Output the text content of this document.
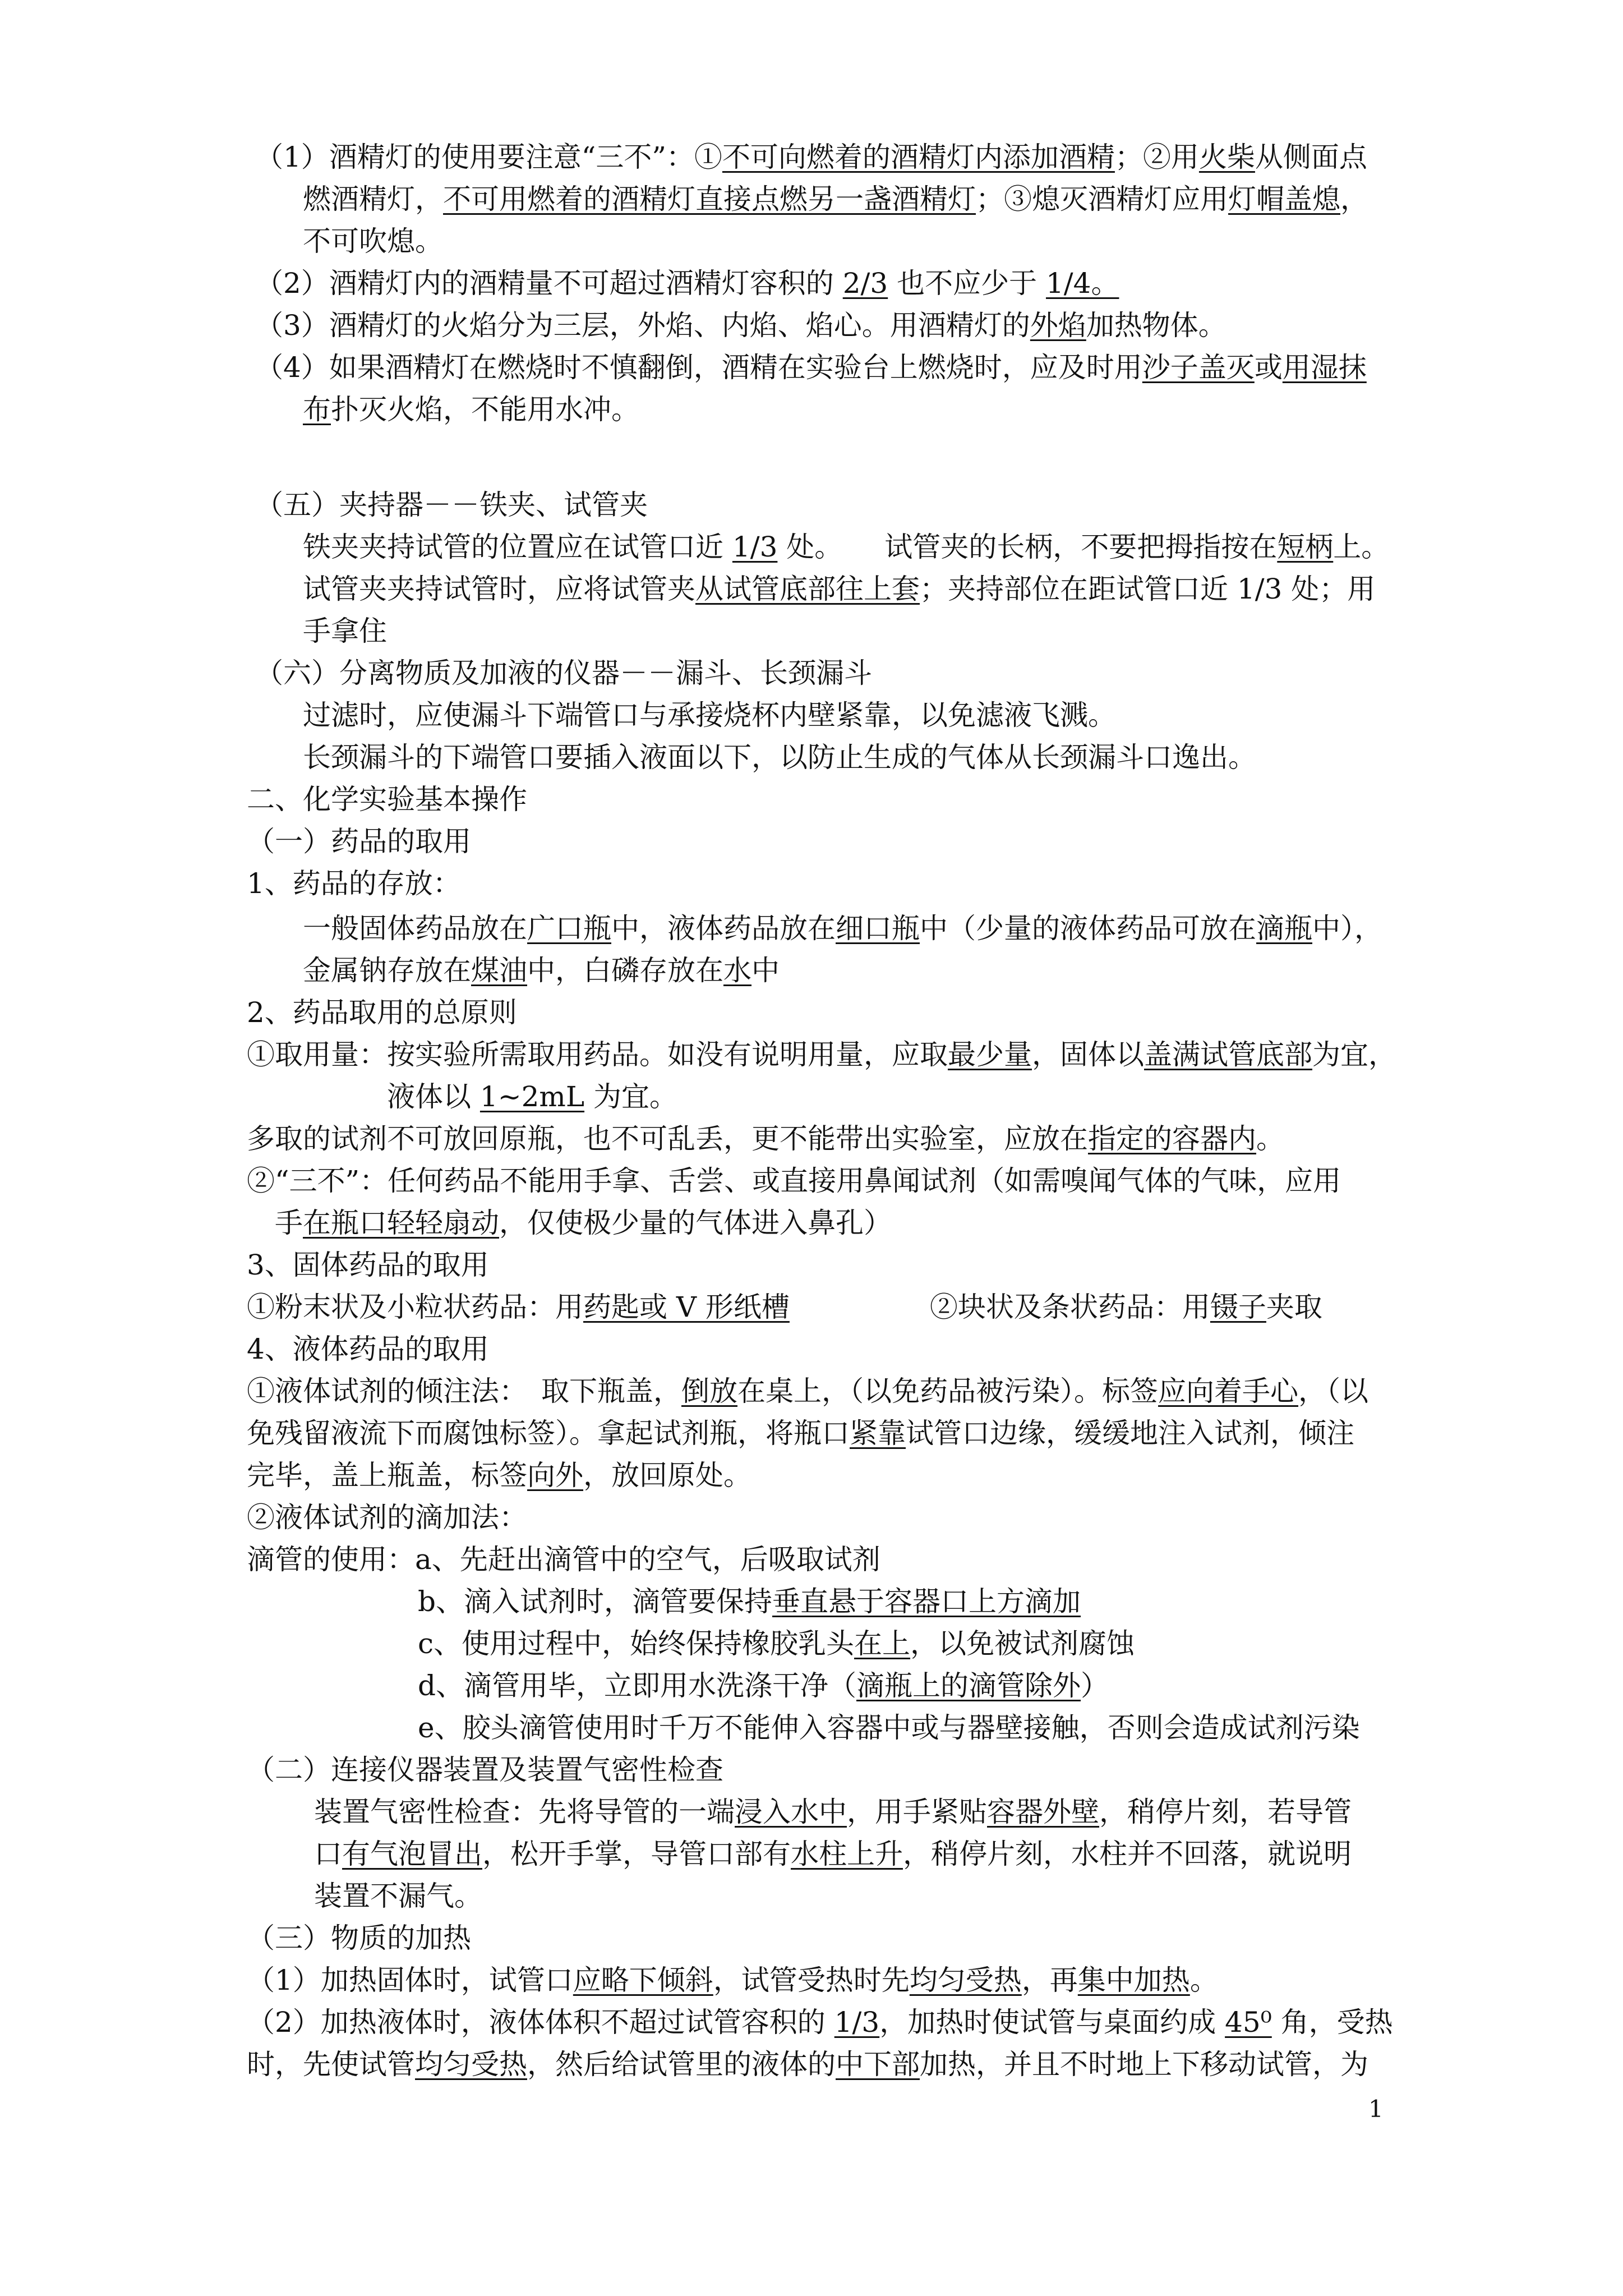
（1）酒精灯的使用要注意“三不”：①不可向燃着的酒精灯内添加酒精；②用火柴从侧面点
燃酒精灯，不可用燃着的酒精灯直接点燃另一盏酒精灯；③熄灭酒精灯应用灯帽盖熄，
不可吹熄。
（2）酒精灯内的酒精量不可超过酒精灯容积的 2/3 也不应少于 1/4。
（3）酒精灯的火焰分为三层，外焰、内焰、焰心。用酒精灯的外焰加热物体。
（4）如果酒精灯在燃烧时不慎翻倒，酒精在实验台上燃烧时，应及时用沙子盖灭或用湿抹
布扑灭火焰，不能用水冲。
（五）夹持器－－铁夹、试管夹
铁夹夹持试管的位置应在试管口近 1/3 处。　　试管夹的长柄，不要把拇指按在短柄上。
试管夹夹持试管时，应将试管夹从试管底部往上套；夹持部位在距试管口近 1/3 处；用
手拿住
（六）分离物质及加液的仪器－－漏斗、长颈漏斗
过滤时，应使漏斗下端管口与承接烧杯内壁紧靠，以免滤液飞溅。
长颈漏斗的下端管口要插入液面以下，以防止生成的气体从长颈漏斗口逸出。
二、化学实验基本操作
（一）药品的取用
1、药品的存放：
一般固体药品放在广口瓶中，液体药品放在细口瓶中（少量的液体药品可放在滴瓶中），
金属钠存放在煤油中，白磷存放在水中
2、药品取用的总原则
①取用量：按实验所需取用药品。如没有说明用量，应取最少量，固体以盖满试管底部为宜，
液体以 1~2mL 为宜。
多取的试剂不可放回原瓶，也不可乱丢，更不能带出实验室，应放在指定的容器内。
②“三不”：任何药品不能用手拿、舌尝、或直接用鼻闻试剂（如需嗅闻气体的气味，应用
手在瓶口轻轻扇动，仅使极少量的气体进入鼻孔）
3、固体药品的取用
①粉末状及小粒状药品：用药匙或 V 形纸槽　　　　　②块状及条状药品：用镊子夹取
4、液体药品的取用
①液体试剂的倾注法：　取下瓶盖，倒放在桌上，（以免药品被污染）。标签应向着手心，（以
免残留液流下而腐蚀标签）。拿起试剂瓶，将瓶口紧靠试管口边缘，缓缓地注入试剂，倾注
完毕，盖上瓶盖，标签向外，放回原处。
②液体试剂的滴加法：
滴管的使用：a、先赶出滴管中的空气，后吸取试剂
b、滴入试剂时，滴管要保持垂直悬于容器口上方滴加
c、使用过程中，始终保持橡胶乳头在上，以免被试剂腐蚀
d、滴管用毕，立即用水洗涤干净（滴瓶上的滴管除外）
e、胶头滴管使用时千万不能伸入容器中或与器壁接触，否则会造成试剂污染
（二）连接仪器装置及装置气密性检查
装置气密性检查：先将导管的一端浸入水中，用手紧贴容器外壁，稍停片刻，若导管
口有气泡冒出，松开手掌，导管口部有水柱上升，稍停片刻，水柱并不回落，就说明
装置不漏气。
（三）物质的加热
（1）加热固体时，试管口应略下倾斜，试管受热时先均匀受热，再集中加热。
（2）加热液体时，液体体积不超过试管容积的 1/3，加热时使试管与桌面约成 45⁰ 角，受热
时，先使试管均匀受热，然后给试管里的液体的中下部加热，并且不时地上下移动试管，为
1
